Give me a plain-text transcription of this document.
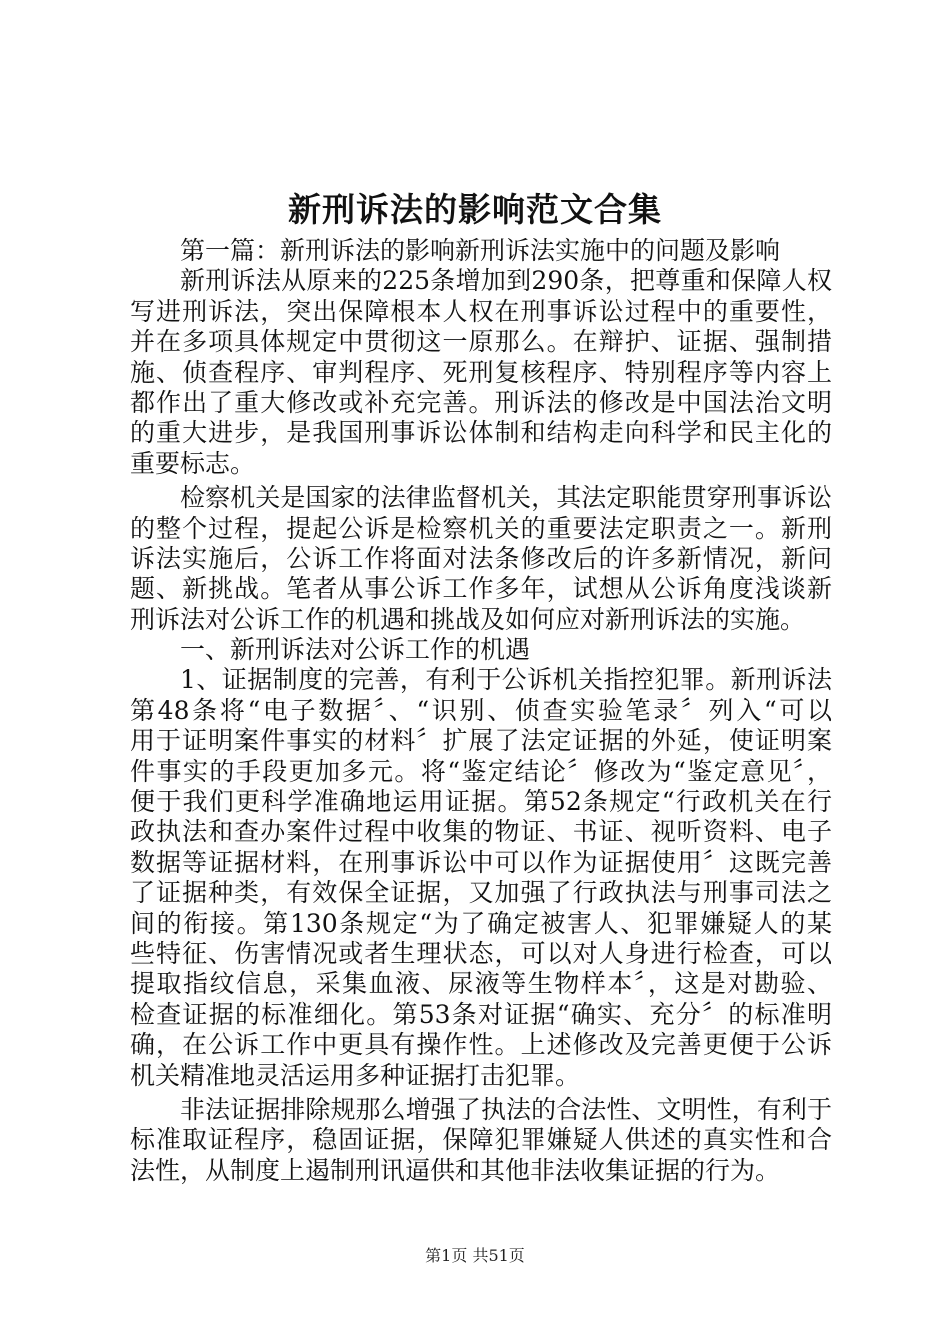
新刑诉法的影响范文合集
第一篇：新刑诉法的影响新刑诉法实施中的问题及影响
新刑诉法从原来的225条增加到290条，把尊重和保障人权
写进刑诉法，突出保障根本人权在刑事诉讼过程中的重要性，
并在多项具体规定中贯彻这一原那么。在辩护、证据、强制措
施、侦查程序、审判程序、死刑复核程序、特别程序等内容上
都作出了重大修改或补充完善。刑诉法的修改是中国法治文明
的重大进步，是我国刑事诉讼体制和结构走向科学和民主化的
重要标志。
检察机关是国家的法律监督机关，其法定职能贯穿刑事诉讼
的整个过程，提起公诉是检察机关的重要法定职责之一。新刑
诉法实施后，公诉工作将面对法条修改后的许多新情况，新问
题、新挑战。笔者从事公诉工作多年，试想从公诉角度浅谈新
刑诉法对公诉工作的机遇和挑战及如何应对新刑诉法的实施。
一、新刑诉法对公诉工作的机遇
1、证据制度的完善，有利于公诉机关指控犯罪。新刑诉法
第48条将“电子数据〞、“识别、侦查实验笔录〞列入“可以
用于证明案件事实的材料〞扩展了法定证据的外延，使证明案
件事实的手段更加多元。将“鉴定结论〞修改为“鉴定意见〞，
便于我们更科学准确地运用证据。第52条规定“行政机关在行
政执法和查办案件过程中收集的物证、书证、视听资料、电子
数据等证据材料，在刑事诉讼中可以作为证据使用〞这既完善
了证据种类，有效保全证据，又加强了行政执法与刑事司法之
间的衔接。第130条规定“为了确定被害人、犯罪嫌疑人的某
些特征、伤害情况或者生理状态，可以对人身进行检查，可以
提取指纹信息，采集血液、尿液等生物样本〞，这是对勘验、
检查证据的标准细化。第53条对证据“确实、充分〞的标准明
确，在公诉工作中更具有操作性。上述修改及完善更便于公诉
机关精准地灵活运用多种证据打击犯罪。
非法证据排除规那么增强了执法的合法性、文明性，有利于
标准取证程序，稳固证据，保障犯罪嫌疑人供述的真实性和合
法性，从制度上遏制刑讯逼供和其他非法收集证据的行为。
第1页 共51页
